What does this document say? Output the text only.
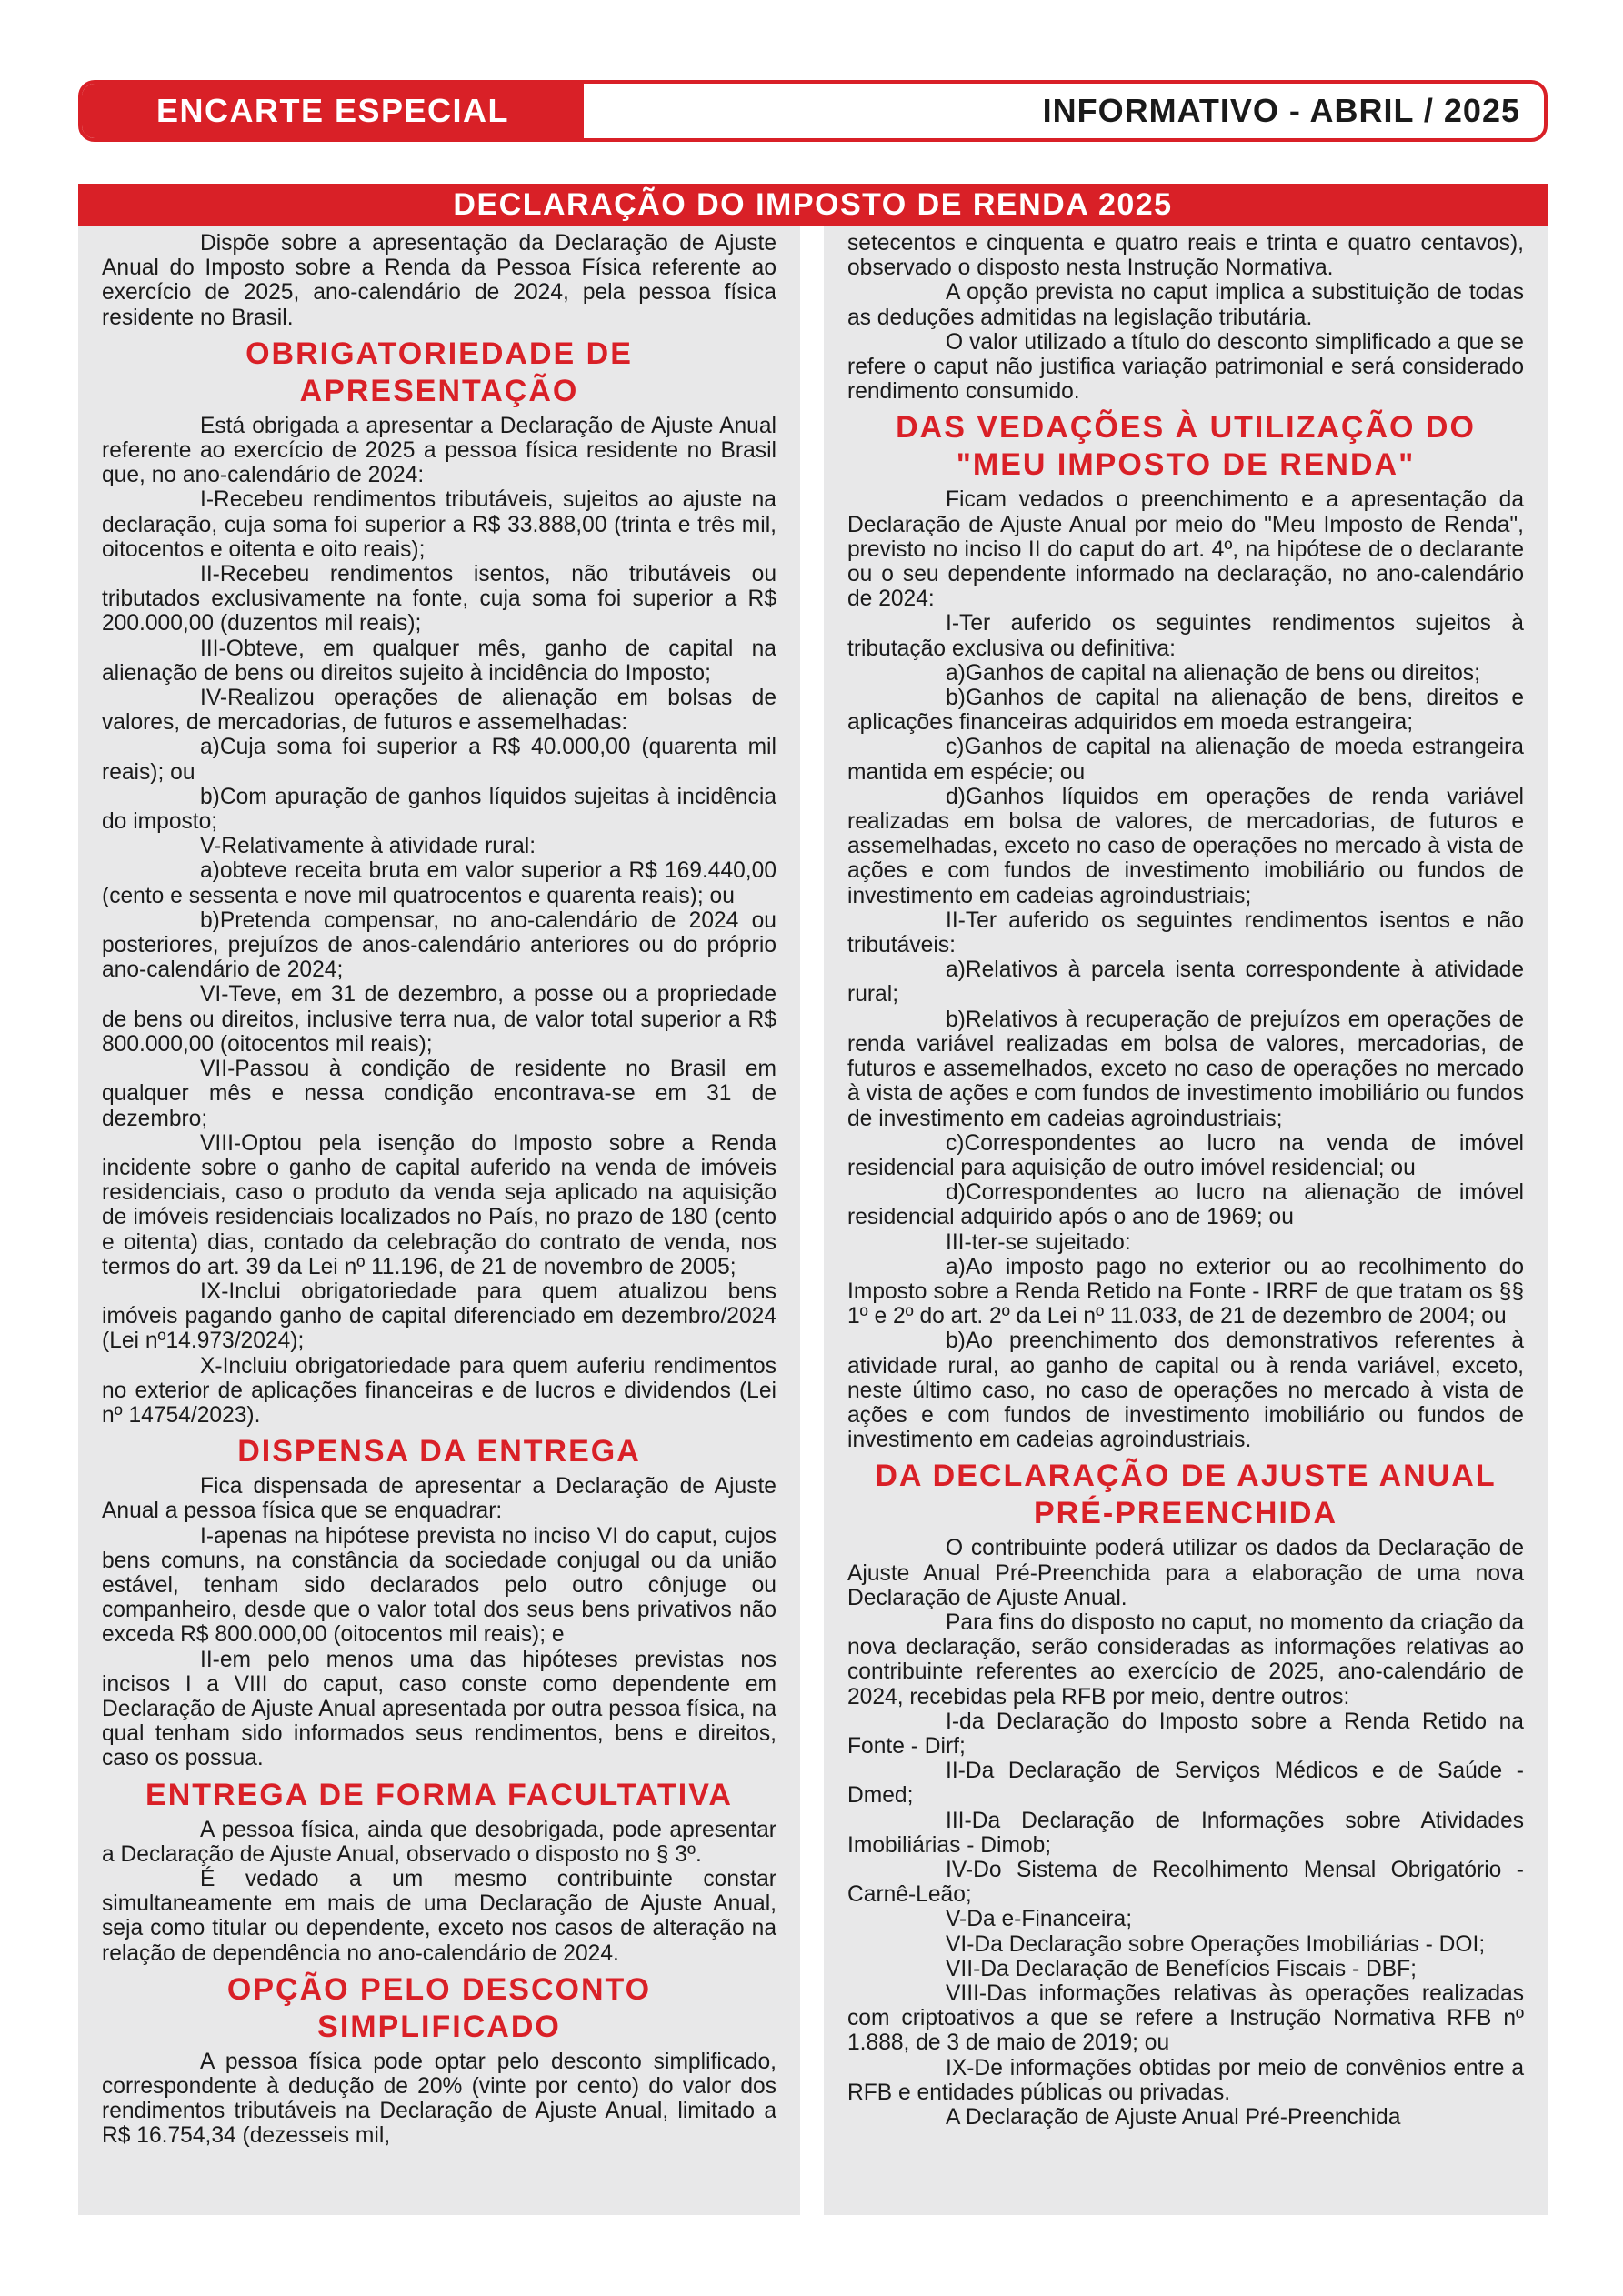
ENCARTE ESPECIAL	INFORMATIVO - ABRIL / 2025
DECLARAÇÃO DO IMPOSTO DE RENDA 2025

Dispõe sobre a apresentação da Declaração de Ajuste Anual do Imposto sobre a Renda da Pessoa Física referente ao exercício de 2025, ano-calendário de 2024, pela pessoa física residente no Brasil.

OBRIGATORIEDADE DE APRESENTAÇÃO

Está obrigada a apresentar a Declaração de Ajuste Anual referente ao exercício de 2025 a pessoa física residente no Brasil que, no ano-calendário de 2024:

I-Recebeu rendimentos tributáveis, sujeitos ao ajuste na declaração, cuja soma foi superior a R$ 33.888,00 (trinta e três mil, oitocentos e oitenta e oito reais);

II-Recebeu rendimentos isentos, não tributáveis ou tributados exclusivamente na fonte, cuja soma foi superior a R$ 200.000,00 (duzentos mil reais);

III-Obteve, em qualquer mês, ganho de capital na alienação de bens ou direitos sujeito à incidência do Imposto;

IV-Realizou operações de alienação em bolsas de valores, de mercadorias, de futuros e assemelhadas:

a)Cuja soma foi superior a R$ 40.000,00 (quarenta mil reais); ou

b)Com apuração de ganhos líquidos sujeitas à incidência do imposto;

V-Relativamente à atividade rural:

a)obteve receita bruta em valor superior a R$ 169.440,00 (cento e sessenta e nove mil quatrocentos e quarenta reais); ou

b)Pretenda compensar, no ano-calendário de 2024 ou posteriores, prejuízos de anos-calendário anteriores ou do próprio ano-calendário de 2024;

VI-Teve, em 31 de dezembro, a posse ou a propriedade de bens ou direitos, inclusive terra nua, de valor total superior a R$ 800.000,00 (oitocentos mil reais);

VII-Passou à condição de residente no Brasil em qualquer mês e nessa condição encontrava-se em 31 de dezembro;

VIII-Optou pela isenção do Imposto sobre a Renda incidente sobre o ganho de capital auferido na venda de imóveis residenciais, caso o produto da venda seja aplicado na aquisição de imóveis residenciais localizados no País, no prazo de 180 (cento e oitenta) dias, contado da celebração do contrato de venda, nos termos do art. 39 da Lei nº 11.196, de 21 de novembro de 2005;

IX-Inclui obrigatoriedade para quem atualizou bens imóveis pagando ganho de capital diferenciado em dezembro/2024 (Lei nº14.973/2024);

X-Incluiu obrigatoriedade para quem auferiu rendimentos no exterior de aplicações financeiras e de lucros e dividendos (Lei nº 14754/2023).

DISPENSA DA ENTREGA

Fica dispensada de apresentar a Declaração de Ajuste Anual a pessoa física que se enquadrar:

I-apenas na hipótese prevista no inciso VI do caput, cujos bens comuns, na constância da sociedade conjugal ou da união estável, tenham sido declarados pelo outro cônjuge ou companheiro, desde que o valor total dos seus bens privativos não exceda R$ 800.000,00 (oitocentos mil reais); e

II-em pelo menos uma das hipóteses previstas nos incisos I a VIII do caput, caso conste como dependente em Declaração de Ajuste Anual apresentada por outra pessoa física, na qual tenham sido informados seus rendimentos, bens e direitos, caso os possua.

ENTREGA DE FORMA FACULTATIVA

A pessoa física, ainda que desobrigada, pode apresentar a Declaração de Ajuste Anual, observado o disposto no § 3º.

É vedado a um mesmo contribuinte constar simultaneamente em mais de uma Declaração de Ajuste Anual, seja como titular ou dependente, exceto nos casos de alteração na relação de dependência no ano-calendário de 2024.

OPÇÃO PELO DESCONTO SIMPLIFICADO

A pessoa física pode optar pelo desconto simplificado, correspondente à dedução de 20% (vinte por cento) do valor dos rendimentos tributáveis na Declaração de Ajuste Anual, limitado a R$ 16.754,34 (dezesseis mil,

setecentos e cinquenta e quatro reais e trinta e quatro centavos), observado o disposto nesta Instrução Normativa.

A opção prevista no caput implica a substituição de todas as deduções admitidas na legislação tributária.

O valor utilizado a título do desconto simplificado a que se refere o caput não justifica variação patrimonial e será considerado rendimento consumido.

DAS VEDAÇÕES À UTILIZAÇÃO DO "MEU IMPOSTO DE RENDA"

Ficam vedados o preenchimento e a apresentação da Declaração de Ajuste Anual por meio do "Meu Imposto de Renda", previsto no inciso II do caput do art. 4º, na hipótese de o declarante ou o seu dependente informado na declaração, no ano-calendário de 2024:

I-Ter auferido os seguintes rendimentos sujeitos à tributação exclusiva ou definitiva:

a)Ganhos de capital na alienação de bens ou direitos;

b)Ganhos de capital na alienação de bens, direitos e aplicações financeiras adquiridos em moeda estrangeira;

c)Ganhos de capital na alienação de moeda estrangeira mantida em espécie; ou

d)Ganhos líquidos em operações de renda variável realizadas em bolsa de valores, de mercadorias, de futuros e assemelhadas, exceto no caso de operações no mercado à vista de ações e com fundos de investimento imobiliário ou fundos de investimento em cadeias agroindustriais;

II-Ter auferido os seguintes rendimentos isentos e não tributáveis:

a)Relativos à parcela isenta correspondente à atividade rural;

b)Relativos à recuperação de prejuízos em operações de renda variável realizadas em bolsa de valores, mercadorias, de futuros e assemelhados, exceto no caso de operações no mercado à vista de ações e com fundos de investimento imobiliário ou fundos de investimento em cadeias agroindustriais;

c)Correspondentes ao lucro na venda de imóvel residencial para aquisição de outro imóvel residencial; ou

d)Correspondentes ao lucro na alienação de imóvel residencial adquirido após o ano de 1969; ou

III-ter-se sujeitado:

a)Ao imposto pago no exterior ou ao recolhimento do Imposto sobre a Renda Retido na Fonte - IRRF de que tratam os §§ 1º e 2º do art. 2º da Lei nº 11.033, de 21 de dezembro de 2004; ou

b)Ao preenchimento dos demonstrativos referentes à atividade rural, ao ganho de capital ou à renda variável, exceto, neste último caso, no caso de operações no mercado à vista de ações e com fundos de investimento imobiliário ou fundos de investimento em cadeias agroindustriais.

DA DECLARAÇÃO DE AJUSTE ANUAL PRÉ-PREENCHIDA

O contribuinte poderá utilizar os dados da Declaração de Ajuste Anual Pré-Preenchida para a elaboração de uma nova Declaração de Ajuste Anual.

Para fins do disposto no caput, no momento da criação da nova declaração, serão consideradas as informações relativas ao contribuinte referentes ao exercício de 2025, ano-calendário de 2024, recebidas pela RFB por meio, dentre outros:

I-da Declaração do Imposto sobre a Renda Retido na Fonte - Dirf;

II-Da Declaração de Serviços Médicos e de Saúde - Dmed;

III-Da Declaração de Informações sobre Atividades Imobiliárias - Dimob;

IV-Do Sistema de Recolhimento Mensal Obrigatório - Carnê-Leão;

V-Da e-Financeira;

VI-Da Declaração sobre Operações Imobiliárias - DOI;

VII-Da Declaração de Benefícios Fiscais - DBF;

VIII-Das informações relativas às operações realizadas com criptoativos a que se refere a Instrução Normativa RFB nº 1.888, de 3 de maio de 2019; ou

IX-De informações obtidas por meio de convênios entre a RFB e entidades públicas ou privadas.

A Declaração de Ajuste Anual Pré-Preenchida
